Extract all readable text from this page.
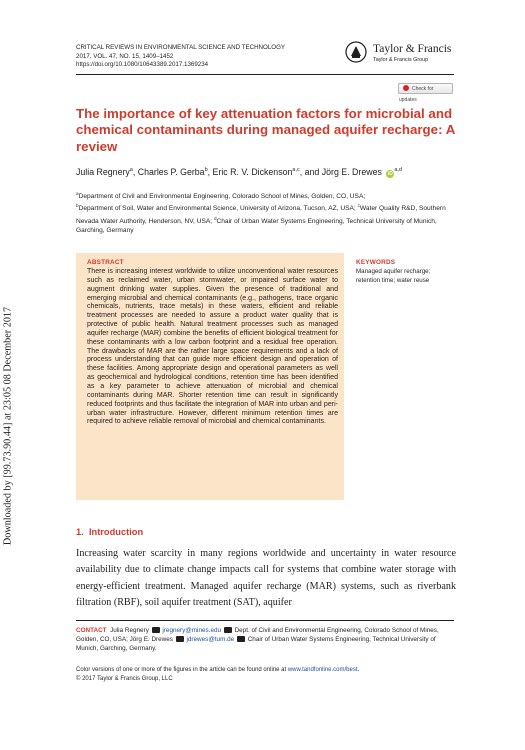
CRITICAL REVIEWS IN ENVIRONMENTAL SCIENCE AND TECHNOLOGY
2017, VOL. 47, NO. 15, 1409–1452
https://doi.org/10.1080/10643389.2017.1369234
Taylor & Francis
Taylor & Francis Group
Check for updates
The importance of key attenuation factors for microbial and chemical contaminants during managed aquifer recharge: A review
Julia Regnery$^a$, Charles P. Gerba$^b$, Eric R. V. Dickenson$^{a,c}$, and Jörg E. Drewes iD$^{a,d}$
$^a$Department of Civil and Environmental Engineering, Colorado School of Mines, Golden, CO, USA;
$^b$Department of Soil, Water and Environmental Science, University of Arizona, Tucson, AZ, USA; $^c$Water Quality R&D, Southern Nevada Water Authority, Henderson, NV, USA; $^d$Chair of Urban Water Systems Engineering, Technical University of Munich, Garching, Germany
Downloaded by [99.73.90.44] at 23:05 08 December 2017
ABSTRACT
There is increasing interest worldwide to utilize unconventional water resources such as reclaimed water, urban stormwater, or impaired surface water to augment drinking water supplies. Given the presence of traditional and emerging microbial and chemical contaminants (e.g., pathogens, trace organic chemicals, nutrients, trace metals) in these waters, efficient and reliable treatment processes are needed to assure a product water quality that is protective of public health. Natural treatment processes such as managed aquifer recharge (MAR) combine the benefits of efficient biological treatment for these contaminants with a low carbon footprint and a residual free operation. The drawbacks of MAR are the rather large space requirements and a lack of process understanding that can guide more efficient design and operation of these facilities. Among appropriate design and operational parameters as well as geochemical and hydrological conditions, retention time has been identified as a key parameter to achieve attenuation of microbial and chemical contaminants during MAR. Shorter retention time can result in significantly reduced footprints and thus facilitate the integration of MAR into urban and peri-urban water infrastructure. However, different minimum retention times are required to achieve reliable removal of microbial and chemical contaminants.
KEYWORDS
Managed aquifer recharge; retention time; water reuse
1. Introduction
Increasing water scarcity in many regions worldwide and uncertainty in water resource availability due to climate change impacts call for systems that combine water storage with energy-efficient treatment. Managed aquifer recharge (MAR) systems, such as riverbank filtration (RBF), soil aquifer treatment (SAT), aquifer
CONTACT Julia Regnery jregnery@mines.edu Dept. of Civil and Environmental Engineering, Colorado School of Mines, Golden, CO, USA; Jörg E. Drewes jdrewes@tum.de Chair of Urban Water Systems Engineering, Technical University of Munich, Garching, Germany.
Color versions of one or more of the figures in the article can be found online at www.tandfonline.com/best.
© 2017 Taylor & Francis Group, LLC
